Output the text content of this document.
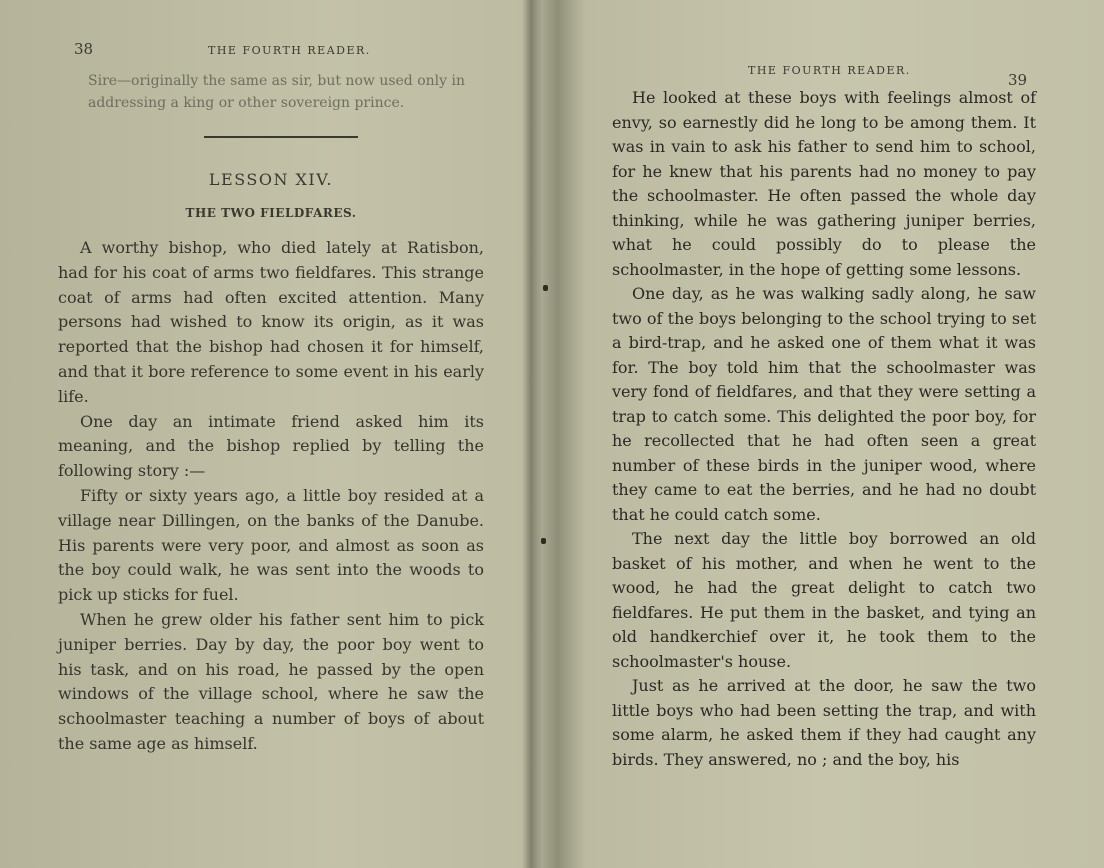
38	THE FOURTH READER.
Sire—originally the same as sir, but now used only in addressing a king or other sovereign prince.
LESSON XIV.
THE TWO FIELDFARES.

A worthy bishop, who died lately at Ratisbon, had for his coat of arms two fieldfares. This strange coat of arms had often excited attention. Many persons had wished to know its origin, as it was reported that the bishop had chosen it for himself, and that it bore reference to some event in his early life.

One day an intimate friend asked him its meaning, and the bishop replied by telling the following story :—

Fifty or sixty years ago, a little boy resided at a village near Dillingen, on the banks of the Danube. His parents were very poor, and almost as soon as the boy could walk, he was sent into the woods to pick up sticks for fuel.

When he grew older his father sent him to pick juniper berries. Day by day, the poor boy went to his task, and on his road, he passed by the open windows of the village school, where he saw the schoolmaster teaching a number of boys of about the same age as himself.

THE FOURTH READER.
39

He looked at these boys with feelings almost of envy, so earnestly did he long to be among them. It was in vain to ask his father to send him to school, for he knew that his parents had no money to pay the schoolmaster. He often passed the whole day thinking, while he was gathering juniper berries, what he could possibly do to please the schoolmaster, in the hope of getting some lessons.

One day, as he was walking sadly along, he saw two of the boys belonging to the school trying to set a bird-trap, and he asked one of them what it was for. The boy told him that the schoolmaster was very fond of fieldfares, and that they were setting a trap to catch some. This delighted the poor boy, for he recollected that he had often seen a great number of these birds in the juniper wood, where they came to eat the berries, and he had no doubt that he could catch some.

The next day the little boy borrowed an old basket of his mother, and when he went to the wood, he had the great delight to catch two fieldfares. He put them in the basket, and tying an old handkerchief over it, he took them to the schoolmaster's house.

Just as he arrived at the door, he saw the two little boys who had been setting the trap, and with some alarm, he asked them if they had caught any birds. They answered, no ; and the boy, his
